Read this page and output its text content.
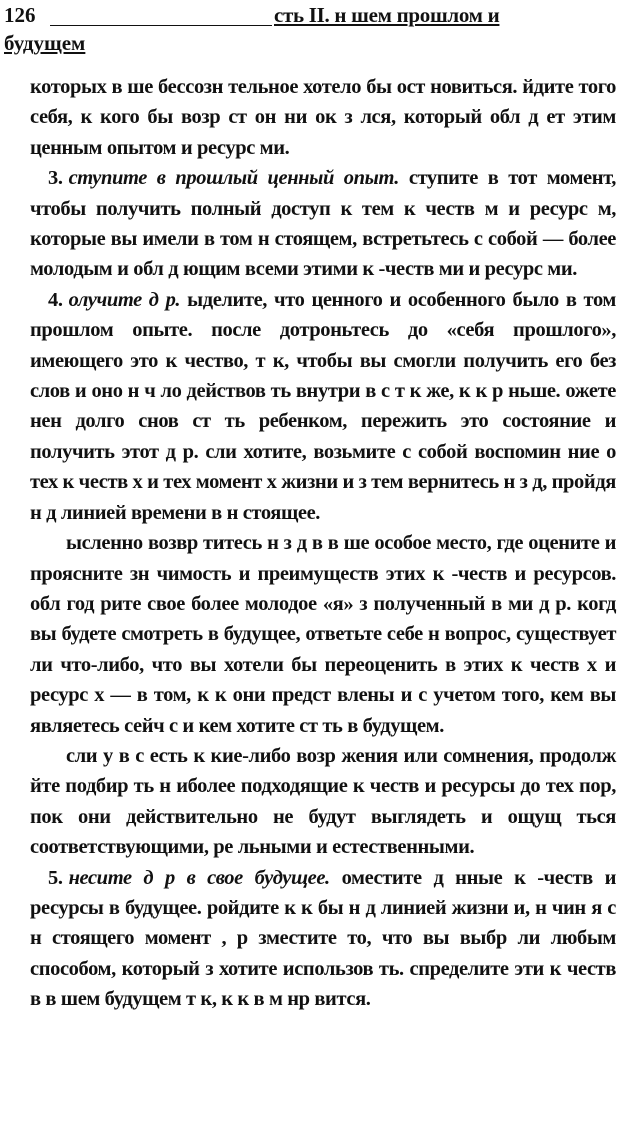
126	сть II. н шем прошлом и
будущем

которых в ше бессозн тельное хотело бы ост новиться. йдите того себя, к кого бы возр ст он ни ок з лся, который обл д ет этим ценным опытом и ресурс ми.

3. ступите в прошлый ценный опыт. ступите в тот момент, чтобы получить полный доступ к тем к честв м и ресурс м, которые вы имели в том н стоящем, встретьтесь с собой — более молодым и обл д ющим всеми этими к -честв ми и ресурс ми.

4. олучите д р. ыделите, что ценного и особенного было в том прошлом опыте. после дотроньтесь до «себя прошлого», имеющего это к чество, т к, чтобы вы смогли получить его без слов и оно н ч ло действов ть внутри в с т к же, к к р ньше. ожете нен долго снов ст ть ребенком, пережить это состояние и получить этот д р. сли хотите, возьмите с собой воспомин ние о тех к честв х и тех момент х жизни и з тем вернитесь н з д, пройдя н д линией времени в н стоящее.

ысленно возвр титесь н з д в в ше особое место, где оцените и проясните зн чимость и преимуществ этих к -честв и ресурсов. обл год рите свое более молодое «я» з полученный в ми д р. когд вы будете смотреть в будущее, ответьте себе н вопрос, существует ли что-либо, что вы хотели бы переоценить в этих к честв х и ресурс х — в том, к к они предст влены и с учетом того, кем вы являетесь сейч с и кем хотите ст ть в будущем.

сли у в с есть к кие-либо возр жения или сомнения, продолж йте подбир ть н иболее подходящие к честв и ресурсы до тех пор, пок они действительно не будут выглядеть и ощущ ться соответствующими, ре льными и естественными.

5. несите д р в свое будущее. оместите д нные к -честв и ресурсы в будущее. ройдите к к бы н д линией жизни и, н чин я с н стоящего момент , р зместите то, что вы выбр ли любым способом, который з хотите использов ть. спределите эти к честв в в шем будущем т к, к к в м нр вится.
